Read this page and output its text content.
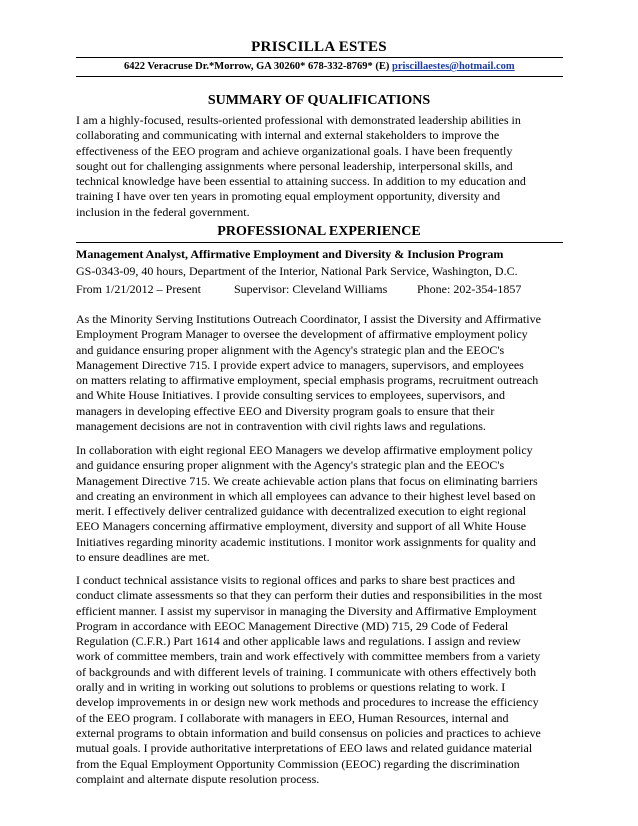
PRISCILLA ESTES
6422 Veracruse Dr.*Morrow, GA 30260* 678-332-8769* (E) priscillaestes@hotmail.com
SUMMARY OF QUALIFICATIONS
I am a highly-focused, results-oriented professional with demonstrated leadership abilities in
collaborating and communicating with internal and external stakeholders to improve the
effectiveness of the EEO program and achieve organizational goals. I have been frequently
sought out for challenging assignments where personal leadership, interpersonal skills, and
technical knowledge have been essential to attaining success. In addition to my education and
training I have over ten years in promoting equal employment opportunity, diversity and
inclusion in the federal government.
PROFESSIONAL EXPERIENCE
Management Analyst, Affirmative Employment and Diversity & Inclusion Program
GS-0343-09, 40 hours, Department of the Interior, National Park Service, Washington, D.C.
From 1/21/2012 – Present	Supervisor: Cleveland Williams Phone: 202-354-1857
As the Minority Serving Institutions Outreach Coordinator, I assist the Diversity and Affirmative
Employment Program Manager to oversee the development of affirmative employment policy
and guidance ensuring proper alignment with the Agency's strategic plan and the EEOC's
Management Directive 715. I provide expert advice to managers, supervisors, and employees
on matters relating to affirmative employment, special emphasis programs, recruitment outreach
and White House Initiatives. I provide consulting services to employees, supervisors, and
managers in developing effective EEO and Diversity program goals to ensure that their
management decisions are not in contravention with civil rights laws and regulations.
In collaboration with eight regional EEO Managers we develop affirmative employment policy
and guidance ensuring proper alignment with the Agency's strategic plan and the EEOC's
Management Directive 715. We create achievable action plans that focus on eliminating barriers
and creating an environment in which all employees can advance to their highest level based on
merit. I effectively deliver centralized guidance with decentralized execution to eight regional
EEO Managers concerning affirmative employment, diversity and support of all White House
Initiatives regarding minority academic institutions. I monitor work assignments for quality and
to ensure deadlines are met.
I conduct technical assistance visits to regional offices and parks to share best practices and
conduct climate assessments so that they can perform their duties and responsibilities in the most
efficient manner. I assist my supervisor in managing the Diversity and Affirmative Employment
Program in accordance with EEOC Management Directive (MD) 715, 29 Code of Federal
Regulation (C.F.R.) Part 1614 and other applicable laws and regulations. I assign and review
work of committee members, train and work effectively with committee members from a variety
of backgrounds and with different levels of training. I communicate with others effectively both
orally and in writing in working out solutions to problems or questions relating to work. I
develop improvements in or design new work methods and procedures to increase the efficiency
of the EEO program. I collaborate with managers in EEO, Human Resources, internal and
external programs to obtain information and build consensus on policies and practices to achieve
mutual goals. I provide authoritative interpretations of EEO laws and related guidance material
from the Equal Employment Opportunity Commission (EEOC) regarding the discrimination
complaint and alternate dispute resolution process.
